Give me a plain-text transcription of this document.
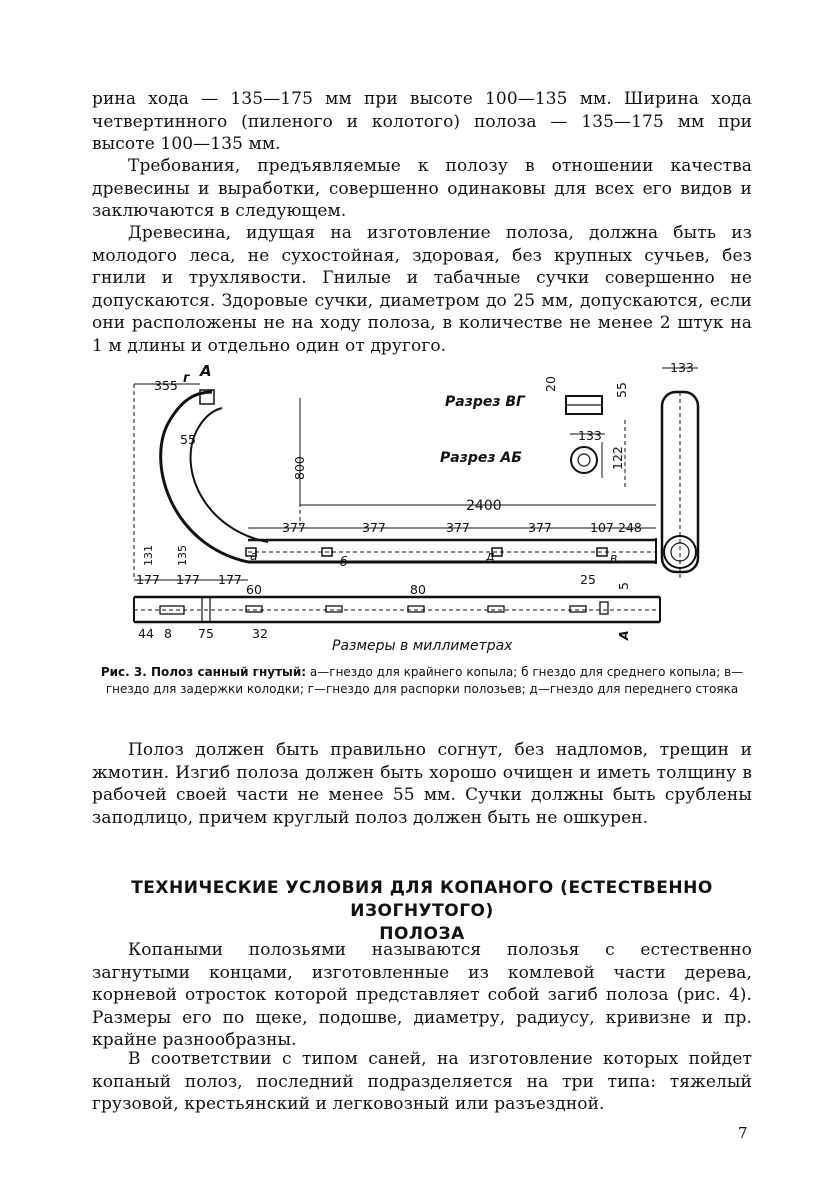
рина хода — 135—175 мм при высоте 100—135 мм. Ширина хода четвертинного (пиленого и колотого) полоза — 135—175 мм при высоте 100—135 мм.

Требования, предъявляемые к полозу в отношении качества древесины и выработки, совершенно одинаковы для всех его видов и заключаются в следующем.

Древесина, идущая на изготовление полоза, должна быть из молодого леса, не сухостойная, здоровая, без крупных сучьев, без гнили и трухлявости. Гнилые и табачные сучки совершенно не допускаются. Здоровые сучки, диаметром до 25 мм, допускаются, если они расположены не на ходу полоза, в количестве не менее 2 штук на 1 м длины и отдельно один от другого.

355 г А
55
800
2400
377	377	377	377	107 248
133
133
122
20	55
Разрез ВГ
Разрез АБ
177 177 177
131 135	а	б	в
д
60	80
25 5
44 8 75	32	А
Размеры в миллиметрах
Рис. 3. Полоз санный гнутый: а—гнездо для крайнего копыла; б гнездо для среднего копыла; в—гнездо для задержки колодки; г—гнездо для распорки полозьев; д—гнездо для переднего стояка

Полоз должен быть правильно согнут, без надломов, трещин и жмотин. Изгиб полоза должен быть хорошо очищен и иметь толщину в рабочей своей части не менее 55 мм. Сучки должны быть срублены заподлицо, причем круглый полоз должен быть не ошкурен.

ТЕХНИЧЕСКИЕ УСЛОВИЯ ДЛЯ КОПАНОГО (ЕСТЕСТВЕННО ИЗОГНУТОГО)
ПОЛОЗА

Копаными полозьями называются полозья с естественно загнутыми концами, изготовленные из комлевой части дерева, корневой отросток которой представляет собой загиб полоза (рис. 4). Размеры его по щеке, подошве, диаметру, радиусу, кривизне и пр. крайне разнообразны.

В соответствии с типом саней, на изготовление которых пойдет копаный полоз, последний подразделяется на три типа: тяжелый грузовой, крестьянский и легковозный или разъездной.

7
